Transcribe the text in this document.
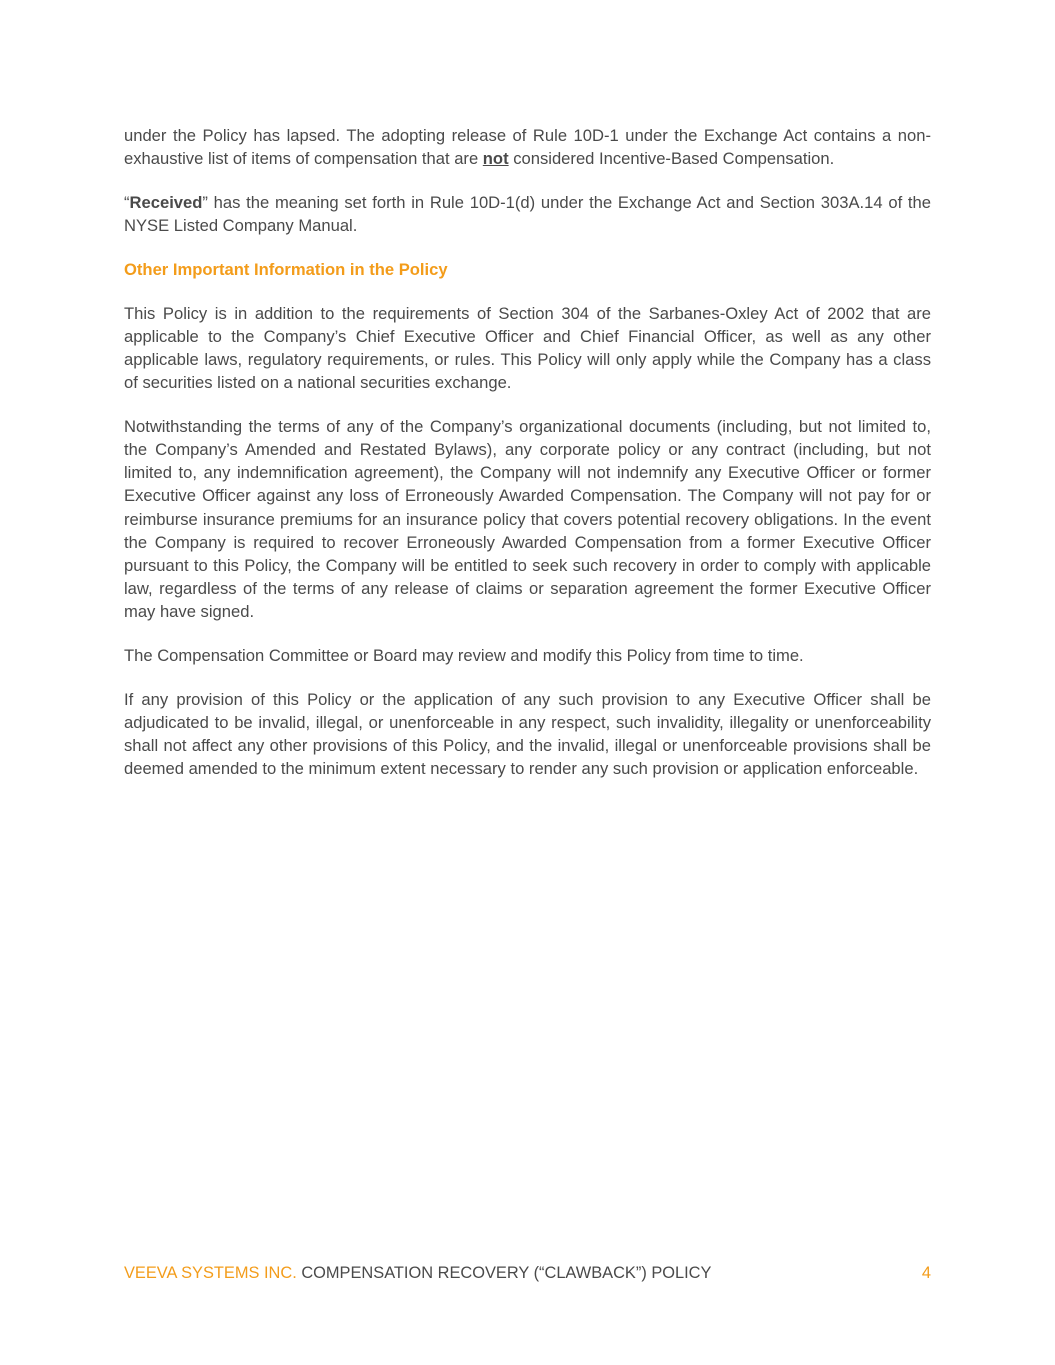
under the Policy has lapsed. The adopting release of Rule 10D-1 under the Exchange Act contains a non-exhaustive list of items of compensation that are not considered Incentive-Based Compensation.

“Received” has the meaning set forth in Rule 10D-1(d) under the Exchange Act and Section 303A.14 of the NYSE Listed Company Manual.

Other Important Information in the Policy

This Policy is in addition to the requirements of Section 304 of the Sarbanes-Oxley Act of 2002 that are applicable to the Company’s Chief Executive Officer and Chief Financial Officer, as well as any other applicable laws, regulatory requirements, or rules. This Policy will only apply while the Company has a class of securities listed on a national securities exchange.

Notwithstanding the terms of any of the Company’s organizational documents (including, but not limited to, the Company’s Amended and Restated Bylaws), any corporate policy or any contract (including, but not limited to, any indemnification agreement), the Company will not indemnify any Executive Officer or former Executive Officer against any loss of Erroneously Awarded Compensation. The Company will not pay for or reimburse insurance premiums for an insurance policy that covers potential recovery obligations. In the event the Company is required to recover Erroneously Awarded Compensation from a former Executive Officer pursuant to this Policy, the Company will be entitled to seek such recovery in order to comply with applicable law, regardless of the terms of any release of claims or separation agreement the former Executive Officer may have signed.

The Compensation Committee or Board may review and modify this Policy from time to time.

If any provision of this Policy or the application of any such provision to any Executive Officer shall be adjudicated to be invalid, illegal, or unenforceable in any respect, such invalidity, illegality or unenforceability shall not affect any other provisions of this Policy, and the invalid, illegal or unenforceable provisions shall be deemed amended to the minimum extent necessary to render any such provision or application enforceable.

VEEVA SYSTEMS INC. COMPENSATION RECOVERY (“CLAWBACK”) POLICY	4
